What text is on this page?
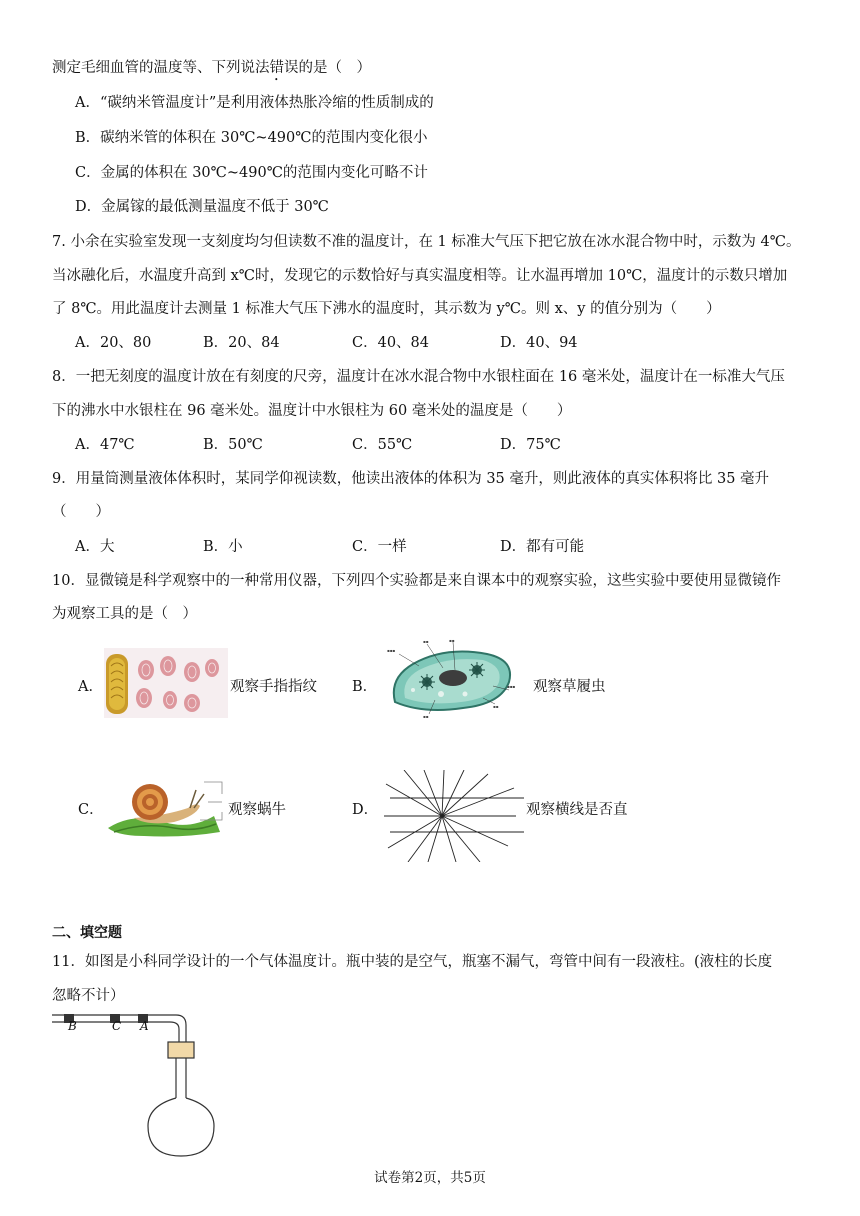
测定毛细血管的温度等、下列说法错误的是（　）
A．“碳纳米管温度计”是利用液体热胀冷缩的性质制成的
B．碳纳米管的体积在 30℃~490℃的范围内变化很小
C．金属的体积在 30℃~490℃的范围内变化可略不计
D．金属镓的最低测量温度不低于 30℃
7. 小余在实验室发现一支刻度均匀但读数不准的温度计，在 1 标准大气压下把它放在冰水混合物中时，示数为 4℃。
当冰融化后，水温度升高到 x℃时，发现它的示数恰好与真实温度相等。让水温再增加 10℃，温度计的示数只增加
了 8℃。用此温度计去测量 1 标准大气压下沸水的温度时，其示数为 y℃。则 x、y 的值分别为（　　）
A．20、80	B．20、84	C．40、84	D．40、94
8．一把无刻度的温度计放在有刻度的尺旁，温度计在冰水混合物中水银柱面在 16 毫米处，温度计在一标准大气压
下的沸水中水银柱在 96 毫米处。温度计中水银柱为 60 毫米处的温度是（　　）
A．47℃	B．50℃	C．55℃	D．75℃
9．用量筒测量液体体积时，某同学仰视读数，他读出液体的体积为 35 毫升，则此液体的真实体积将比 35 毫升
（　　）
A．大	B．小	C．一样	D．都有可能
10．显微镜是科学观察中的一种常用仪器，下列四个实验都是来自课本中的观察实验，这些实验中要使用显微镜作
为观察工具的是（　）
A．	观察手指指纹 B．
▪▪▪
▪▪	▪▪
▪▪▪
▪▪
▪▪
观察草履虫
C．	观察蜗牛	D．	观察横线是否直
二、填空题
11．如图是小科同学设计的一个气体温度计。瓶中装的是空气，瓶塞不漏气，弯管中间有一段液柱。(液柱的长度
忽略不计）
B	C A
试卷第2页，共5页
